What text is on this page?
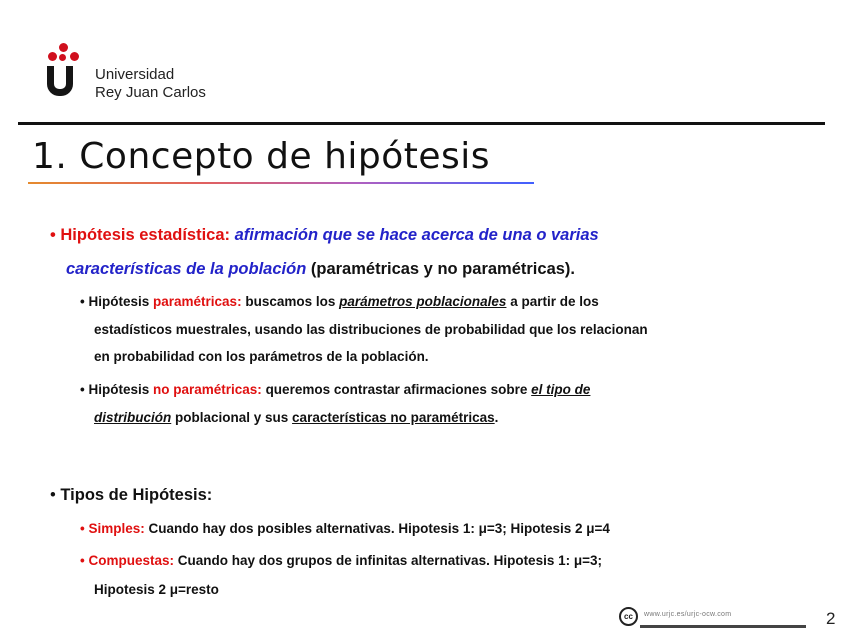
Universidad
Rey Juan Carlos
1. Concepto de hipótesis
• Hipótesis estadística: afirmación que se hace acerca de una o varias
características de la población (paramétricas y no paramétricas).
• Hipótesis paramétricas: buscamos los parámetros poblacionales a partir de los
estadísticos muestrales, usando las distribuciones de probabilidad que los relacionan
en probabilidad con los parámetros de la población.
• Hipótesis no paramétricas: queremos contrastar afirmaciones sobre el tipo de
distribución poblacional y sus características no paramétricas.
• Tipos de Hipótesis:
• Simples: Cuando hay dos posibles alternativas. Hipotesis 1: μ=3; Hipotesis 2 μ=4
• Compuestas: Cuando hay dos grupos de infinitas alternativas. Hipotesis 1: μ=3;
Hipotesis 2 μ=resto
cc	www.urjc.es/urjc-ocw.com	2
